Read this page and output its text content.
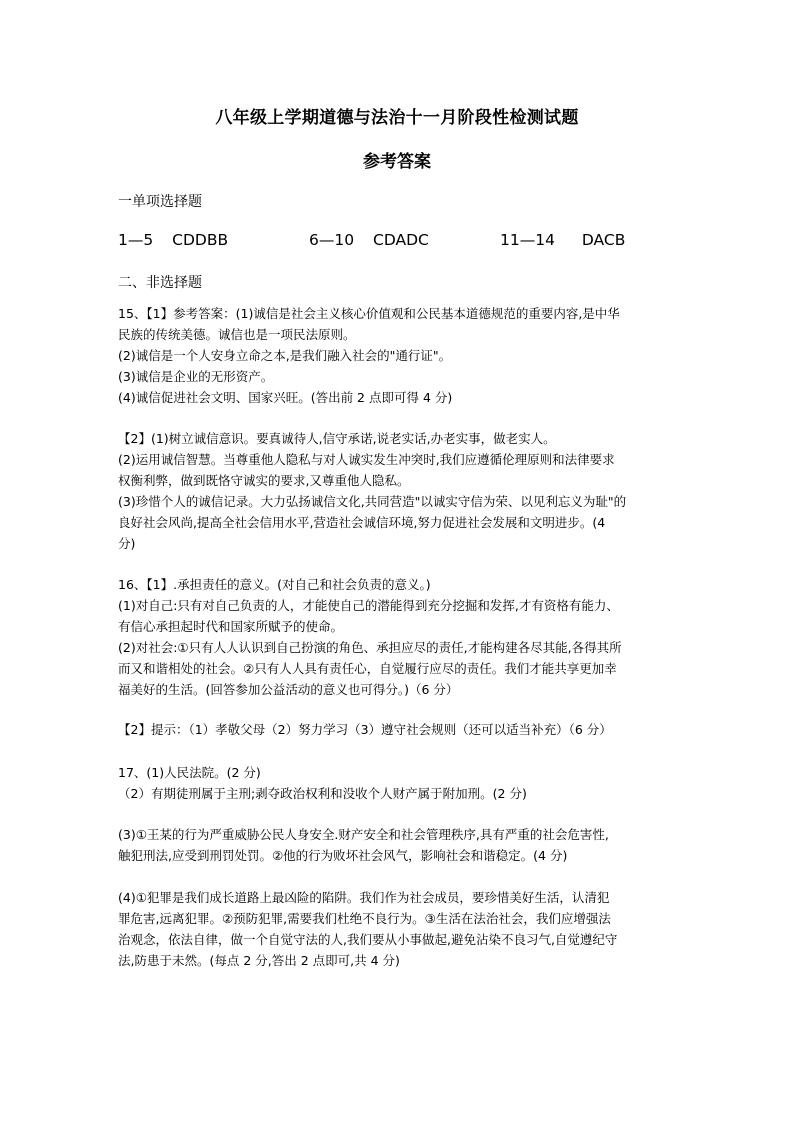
八年级上学期道德与法治十一月阶段性检测试题
参考答案
一单项选择题
1—5 CDDBB	6—10 CDADC	11—14 DACB
二、非选择题

15、【1】参考答案：(1)诚信是社会主义核心价值观和公民基本道德规范的重要内容,是中华

民族的传统美德。诚信也是一项民法原则。

(2)诚信是一个人安身立命之本,是我们融入社会的"通行证"。

(3)诚信是企业的无形资产。

(4)诚信促进社会文明、国家兴旺。(答出前 2 点即可得 4 分)

【2】(1)树立诚信意识。要真诚待人,信守承诺,说老实话,办老实事，做老实人。

(2)运用诚信智慧。当尊重他人隐私与对人诚实发生冲突时,我们应遵循伦理原则和法律要求

权衡利弊，做到既恪守诚实的要求,又尊重他人隐私。

(3)珍惜个人的诚信记录。大力弘扬诚信文化,共同营造"以诚实守信为荣、以见利忘义为耻"的

良好社会风尚,提高全社会信用水平,营造社会诚信环境,努力促进社会发展和文明进步。(4

分)

16、【1】.承担责任的意义。(对自己和社会负责的意义。)

(1)对自己:只有对自己负责的人，才能使自己的潜能得到充分挖掘和发挥,才有资格有能力、

有信心承担起时代和国家所赋予的使命。

(2)对社会:①只有人人认识到自己扮演的角色、承担应尽的责任,才能构建各尽其能,各得其所

而又和谐相处的社会。②只有人人具有责任心，自觉履行应尽的责任。我们才能共享更加幸

福美好的生活。(回答参加公益活动的意义也可得分。)（6 分）

【2】提示：（1）孝敬父母（2）努力学习（3）遵守社会规则（还可以适当补充）（6 分）

17、(1)人民法院。(2 分)

（2）有期徒刑属于主刑;剥夺政治权利和没收个人财产属于附加刑。(2 分)

(3)①王某的行为严重威胁公民人身安全.财产安全和社会管理秩序,具有严重的社会危害性,

触犯刑法,应受到刑罚处罚。②他的行为败坏社会风气，影响社会和谐稳定。(4 分)

(4)①犯罪是我们成长道路上最凶险的陷阱。我们作为社会成员，要珍惜美好生活，认清犯

罪危害,远离犯罪。②预防犯罪,需要我们杜绝不良行为。③生活在法治社会，我们应增强法

治观念，依法自律，做一个自觉守法的人,我们要从小事做起,避免沾染不良习气,自觉遵纪守

法,防患于未然。(每点 2 分,答出 2 点即可,共 4 分)
